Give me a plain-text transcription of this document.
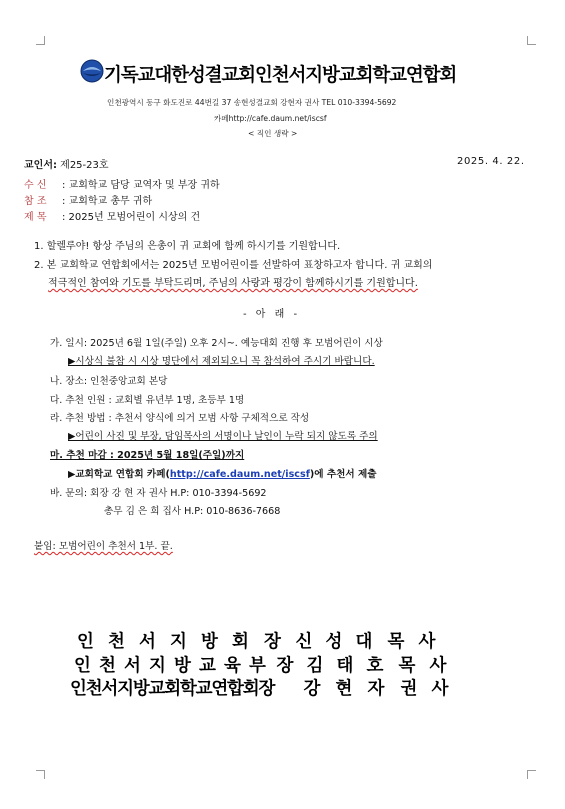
기독교대한성결교회인천서지방교회학교연합회
인천광역시 동구 화도진로 44번길 37 송현성결교회 강현자 권사 TEL 010-3394-5692
카페http://cafe.daum.net/iscsf
< 직인 생략 >
교인서: 제25-23호	2025. 4. 22.
수 신 : 교회학교 담당 교역자 및 부장 귀하
참 조 : 교회학교 총무 귀하
제 목 : 2025년 모범어린이 시상의 건
1. 할렐루야! 항상 주님의 은총이 귀 교회에 함께 하시기를 기원합니다.
2. 본 교회학교 연합회에서는 2025년 모범어린이를 선발하여 표창하고자 합니다. 귀 교회의
적극적인 참여와 기도를 부탁드리며, 주님의 사랑과 평강이 함께하시기를 기원합니다.
- 아 래 -
가. 일시: 2025년 6월 1일(주일) 오후 2시~. 예능대회 진행 후 모범어린이 시상
▶시상식 불참 시 시상 명단에서 제외되오니 꼭 참석하여 주시기 바랍니다.
나. 장소: 인천중앙교회 본당
다. 추천 인원 : 교회별 유년부 1명, 초등부 1명
라. 추천 방법 : 추천서 양식에 의거 모범 사항 구체적으로 작성
▶어린이 사진 및 부장, 담임목사의 서명이나 날인이 누락 되지 않도록 주의
마. 추천 마감 : 2025년 5월 18일(주일)까지
▶교회학교 연합회 카페(http://cafe.daum.net/iscsf)에 추천서 제출
바. 문의: 회장 강 현 자 권사 H.P: 010-3394-5692
총무 김 은 희 집사 H.P: 010-8636-7668
붙임: 모범어린이 추천서 1부. 끝.
인 천 서 지 방 회 장 신 성 대 목 사
인 천 서 지 방 교 육 부 장 김 태 호 목 사
인천서지방교회학교연합회장 강 현 자 권 사
